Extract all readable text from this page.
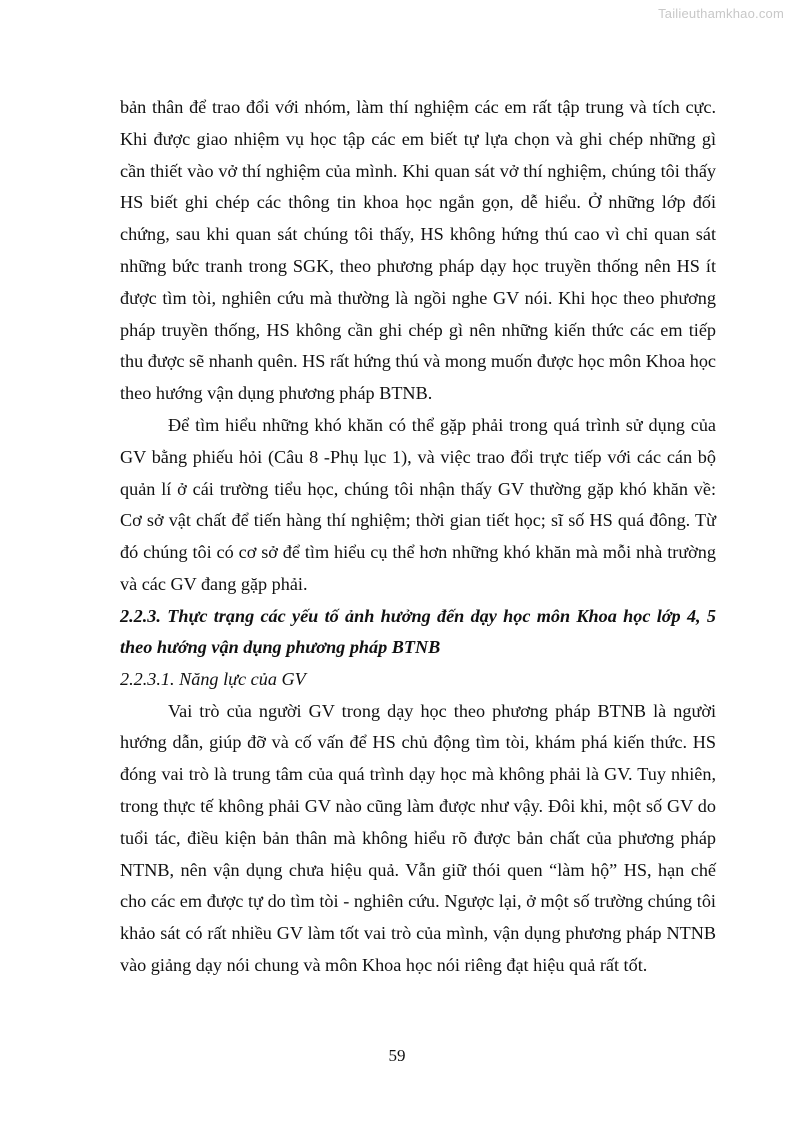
Tailieuthamkhao.com

bản thân để trao đổi với nhóm, làm thí nghiệm các em rất tập trung và tích cực. Khi được giao nhiệm vụ học tập các em biết tự lựa chọn và ghi chép những gì cần thiết vào vở thí nghiệm của mình. Khi quan sát vở thí nghiệm, chúng tôi thấy HS biết ghi chép các thông tin khoa học ngắn gọn, dễ hiểu. Ở những lớp đối chứng, sau khi quan sát chúng tôi thấy, HS không hứng thú cao vì chỉ quan sát những bức tranh trong SGK, theo phương pháp dạy học truyền thống nên HS ít được tìm tòi, nghiên cứu mà thường là ngồi nghe GV nói. Khi học theo phương pháp truyền thống, HS không cần ghi chép gì nên những kiến thức các em tiếp thu được sẽ nhanh quên. HS rất hứng thú và mong muốn được học môn Khoa học theo hướng vận dụng phương pháp BTNB.

Để tìm hiểu những khó khăn có thể gặp phải trong quá trình sử dụng của GV bằng phiếu hỏi (Câu 8 -Phụ lục 1), và việc trao đổi trực tiếp với các cán bộ quản lí ở cái trường tiểu học, chúng tôi nhận thấy GV thường gặp khó khăn về: Cơ sở vật chất để tiến hàng thí nghiệm; thời gian tiết học; sĩ số HS quá đông. Từ đó chúng tôi có cơ sở để tìm hiểu cụ thể hơn những khó khăn mà mỗi nhà trường và các GV đang gặp phải.

2.2.3. Thực trạng các yếu tố ảnh hưởng đến dạy học môn Khoa học lớp 4, 5 theo hướng vận dụng phương pháp BTNB

2.2.3.1. Năng lực của GV

Vai trò của người GV trong dạy học theo phương pháp BTNB là người hướng dẫn, giúp đỡ và cố vấn để HS chủ động tìm tòi, khám phá kiến thức. HS đóng vai trò là trung tâm của quá trình dạy học mà không phải là GV. Tuy nhiên, trong thực tế không phải GV nào cũng làm được như vậy. Đôi khi, một số GV do tuổi tác, điều kiện bản thân mà không hiểu rõ được bản chất của phương pháp NTNB, nên vận dụng chưa hiệu quả. Vẫn giữ thói quen “làm hộ” HS, hạn chế cho các em được tự do tìm tòi - nghiên cứu. Ngược lại, ở một số trường chúng tôi khảo sát có rất nhiều GV làm tốt vai trò của mình, vận dụng phương pháp NTNB vào giảng dạy nói chung và môn Khoa học nói riêng đạt hiệu quả rất tốt.

59
